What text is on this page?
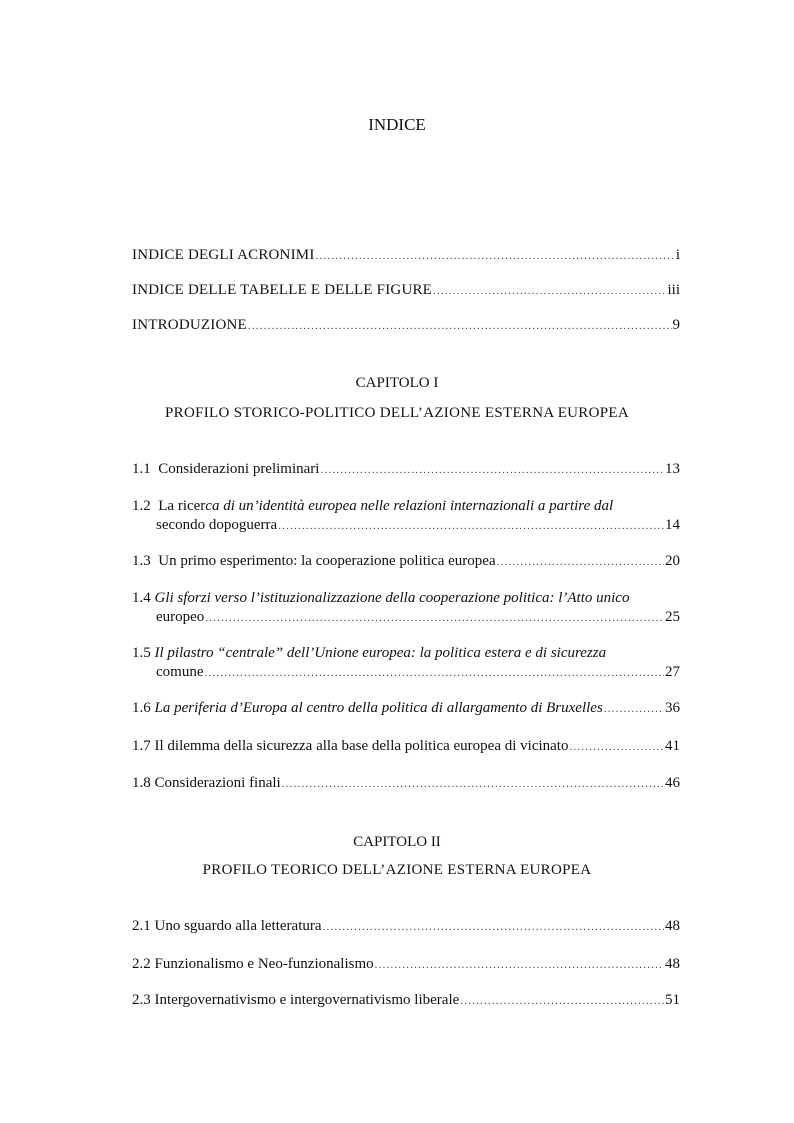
INDICE
INDICE DEGLI ACRONIMI .....	i
INDICE DELLE TABELLE E DELLE FIGURE .....	iii
INTRODUZIONE .....	9
CAPITOLO I
PROFILO STORICO-POLITICO DELL’AZIONE ESTERNA EUROPEA
1.1
Considerazioni preliminari .....	13
1.2 La ricerca di un’identità europea nelle relazioni internazionali a partire dal
secondo dopoguerra .....	14
1.3
Un primo esperimento: la cooperazione politica europea .....	20
1.4 Gli sforzi verso l’istituzionalizzazione della cooperazione politica: l’Atto unico
europeo .....	25
1.5 Il pilastro “centrale” dell’Unione europea: la politica estera e di sicurezza
comune .....	27
1.6
La periferia d’Europa al centro della politica di allargamento di Bruxelles .....	36
1.7
Il dilemma della sicurezza alla base della politica europea di vicinato .....	41
1.8
Considerazioni finali .....	46
CAPITOLO II
PROFILO TEORICO DELL’AZIONE ESTERNA EUROPEA
2.1
Uno sguardo alla letteratura .....	48
2.2
Funzionalismo e Neo-funzionalismo .....	48
2.3
Intergovernativismo e intergovernativismo liberale .....	51
